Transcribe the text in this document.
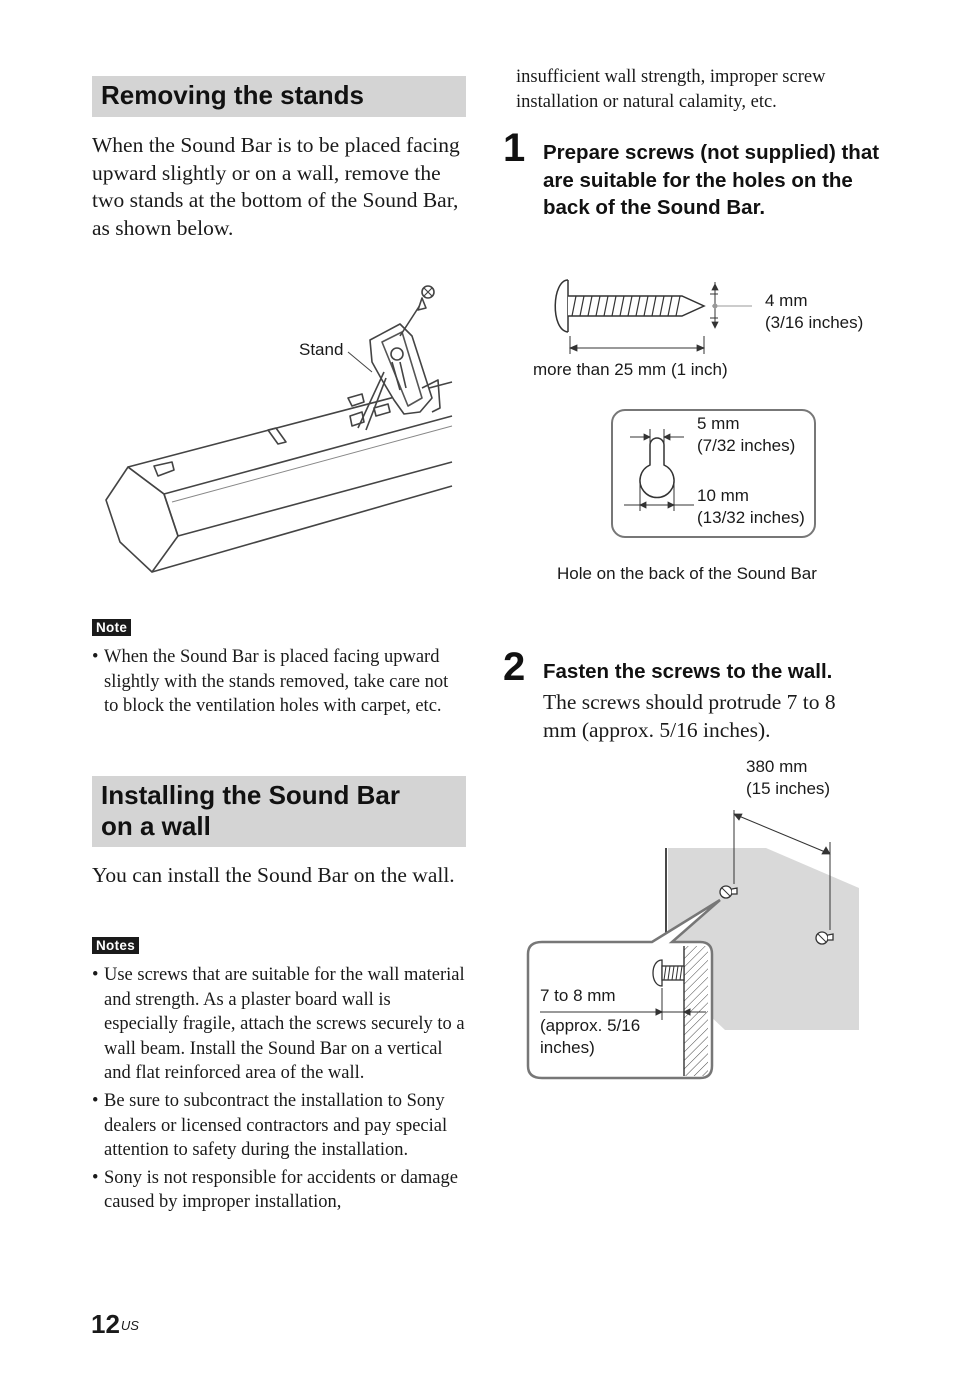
Removing the stands
When the Sound Bar is to be placed facing upward slightly or on a wall, remove the two stands at the bottom of the Sound Bar, as shown below.
Stand
Note
• When the Sound Bar is placed facing upward slightly with the stands removed, take care not to block the ventilation holes with carpet, etc.
Installing the Sound Bar
on a wall
You can install the Sound Bar on the wall.
Notes
• Use screws that are suitable for the wall material and strength. As a plaster board wall is especially fragile, attach the screws securely to a wall beam. Install the Sound Bar on a vertical and flat reinforced area of the wall.
• Be sure to subcontract the installation to Sony dealers or licensed contractors and pay special attention to safety during the installation.
• Sony is not responsible for accidents or damage caused by improper installation,
$12^{US}$
insufficient wall strength, improper screw installation or natural calamity, etc.
1 Prepare screws (not supplied) that are suitable for the holes on the back of the Sound Bar.
4 mm
(3/16 inches)
more than 25 mm (1 inch)
5 mm
(7/32 inches)
10 mm
(13/32 inches)
Hole on the back of the Sound Bar
2 Fasten the screws to the wall.
The screws should protrude 7 to 8 mm (approx. 5/16 inches).
380 mm
(15 inches)
7 to 8 mm
(approx. 5/16
inches)
